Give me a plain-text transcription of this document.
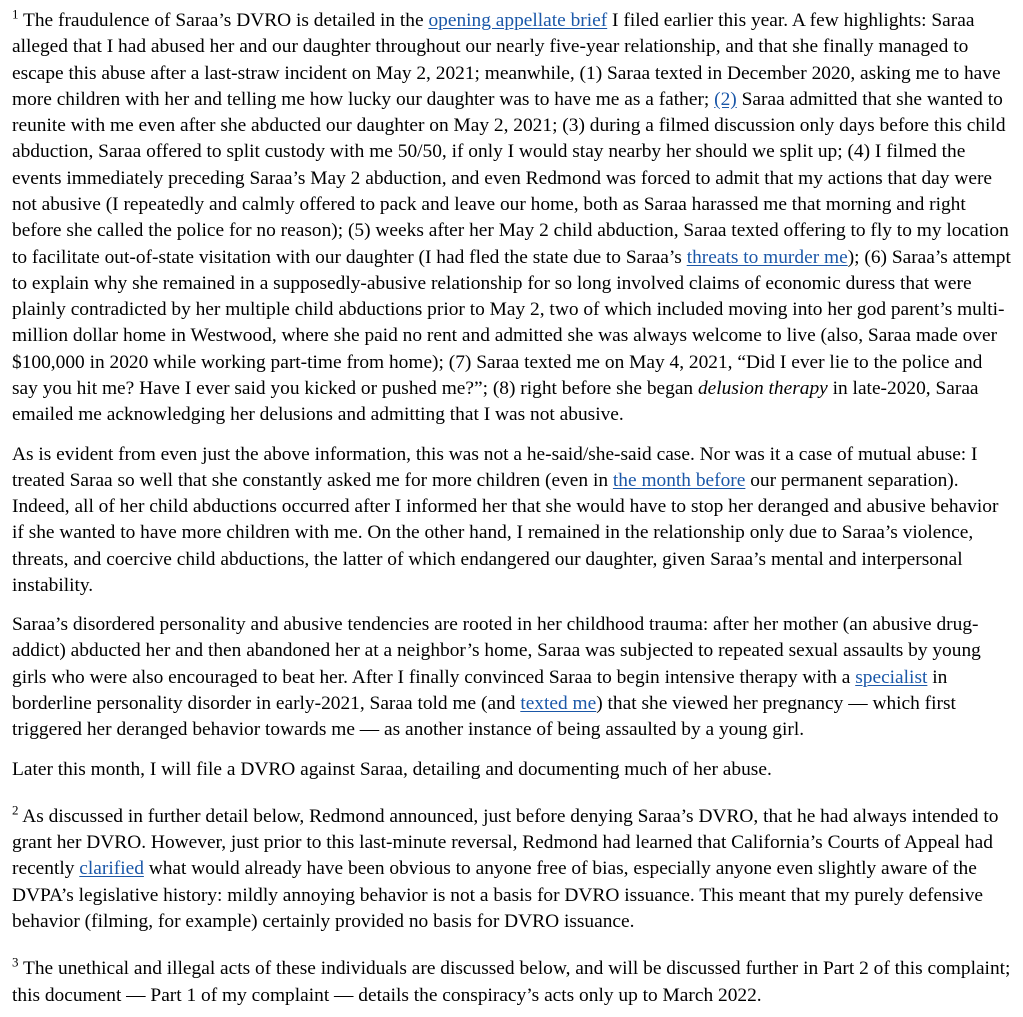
$^1$ The fraudulence of Saraa’s DVRO is detailed in the opening appellate brief I filed earlier this year. A few highlights: Saraa alleged that I had abused her and our daughter throughout our nearly five-year relationship, and that she finally managed to escape this abuse after a last-straw incident on May 2, 2021; meanwhile, (1) Saraa texted in December 2020, asking me to have more children with her and telling me how lucky our daughter was to have me as a father; (2) Saraa admitted that she wanted to reunite with me even after she abducted our daughter on May 2, 2021; (3) during a filmed discussion only days before this child abduction, Saraa offered to split custody with me 50/50, if only I would stay nearby her should we split up; (4) I filmed the events immediately preceding Saraa’s May 2 abduction, and even Redmond was forced to admit that my actions that day were not abusive (I repeatedly and calmly offered to pack and leave our home, both as Saraa harassed me that morning and right before she called the police for no reason); (5) weeks after her May 2 child abduction, Saraa texted offering to fly to my location to facilitate out-of-state visitation with our daughter (I had fled the state due to Saraa’s threats to murder me); (6) Saraa’s attempt to explain why she remained in a supposedly-abusive relationship for so long involved claims of economic duress that were plainly contradicted by her multiple child abductions prior to May 2, two of which included moving into her god parent’s multi-million dollar home in Westwood, where she paid no rent and admitted she was always welcome to live (also, Saraa made over $100,000 in 2020 while working part-time from home); (7) Saraa texted me on May 4, 2021, “Did I ever lie to the police and say you hit me? Have I ever said you kicked or pushed me?”; (8) right before she began delusion therapy in late-2020, Saraa emailed me acknowledging her delusions and admitting that I was not abusive.

As is evident from even just the above information, this was not a he-said/she-said case. Nor was it a case of mutual abuse: I treated Saraa so well that she constantly asked me for more children (even in the month before our permanent separation). Indeed, all of her child abductions occurred after I informed her that she would have to stop her deranged and abusive behavior if she wanted to have more children with me. On the other hand, I remained in the relationship only due to Saraa’s violence, threats, and coercive child abductions, the latter of which endangered our daughter, given Saraa’s mental and interpersonal instability.

Saraa’s disordered personality and abusive tendencies are rooted in her childhood trauma: after her mother (an abusive drug-addict) abducted her and then abandoned her at a neighbor’s home, Saraa was subjected to repeated sexual assaults by young girls who were also encouraged to beat her. After I finally convinced Saraa to begin intensive therapy with a specialist in borderline personality disorder in early-2021, Saraa told me (and texted me) that she viewed her pregnancy — which first triggered her deranged behavior towards me — as another instance of being assaulted by a young girl.

Later this month, I will file a DVRO against Saraa, detailing and documenting much of her abuse.

$^2$ As discussed in further detail below, Redmond announced, just before denying Saraa’s DVRO, that he had always intended to grant her DVRO. However, just prior to this last-minute reversal, Redmond had learned that California’s Courts of Appeal had recently clarified what would already have been obvious to anyone free of bias, especially anyone even slightly aware of the DVPA’s legislative history: mildly annoying behavior is not a basis for DVRO issuance. This meant that my purely defensive behavior (filming, for example) certainly provided no basis for DVRO issuance.

$^3$ The unethical and illegal acts of these individuals are discussed below, and will be discussed further in Part 2 of this complaint; this document — Part 1 of my complaint — details the conspiracy’s acts only up to March 2022.
